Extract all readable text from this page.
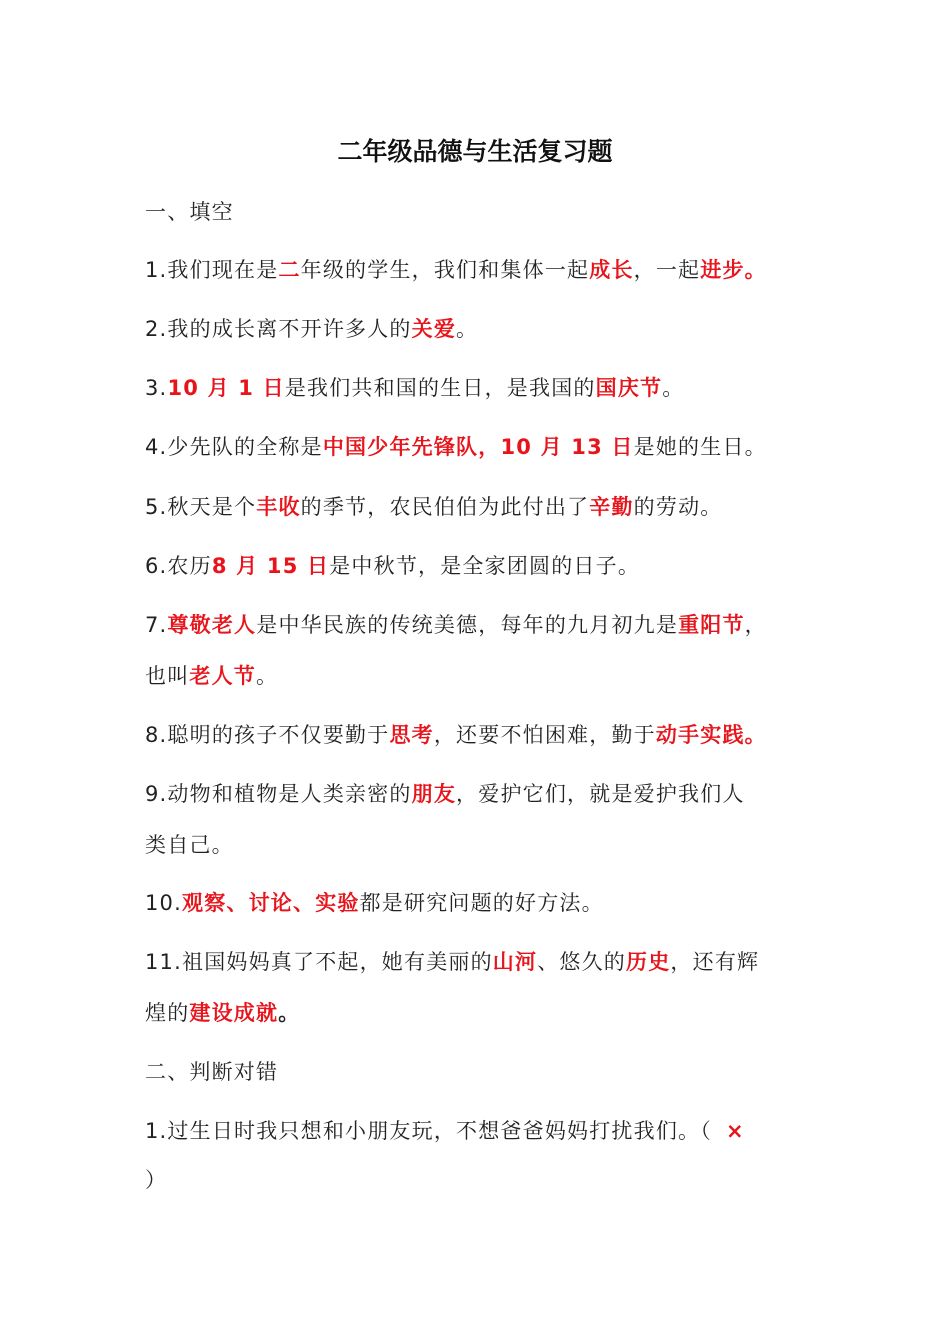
二年级品德与生活复习题
一、填空
1.我们现在是二年级的学生，我们和集体一起成长，一起进步。
2.我的成长离不开许多人的关爱。
3.10 月 1 日是我们共和国的生日，是我国的国庆节。
4.少先队的全称是中国少年先锋队，10 月 13 日是她的生日。
5.秋天是个丰收的季节，农民伯伯为此付出了辛勤的劳动。
6.农历8 月 15 日是中秋节，是全家团圆的日子。
7.尊敬老人是中华民族的传统美德，每年的九月初九是重阳节，
也叫老人节。
8.聪明的孩子不仅要勤于思考，还要不怕困难，勤于动手实践。
9.动物和植物是人类亲密的朋友，爱护它们，就是爱护我们人
类自己。
10.观察、讨论、实验都是研究问题的好方法。
11.祖国妈妈真了不起，她有美丽的山河、悠久的历史，还有辉
煌的建设成就。
二、判断对错
1.过生日时我只想和小朋友玩，不想爸爸妈妈打扰我们。（ ×
）
